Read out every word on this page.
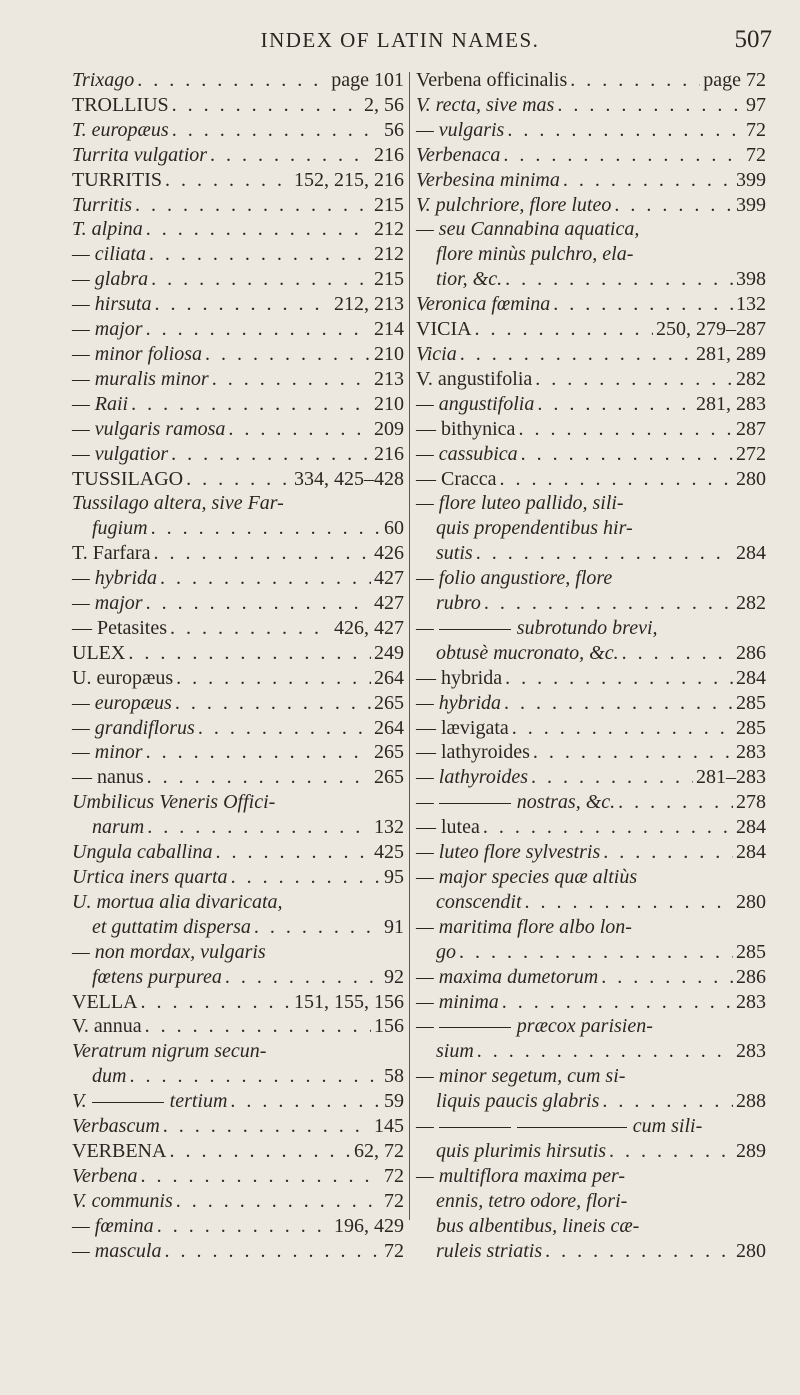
INDEX OF LATIN NAMES.	507
Trixago . . .	page 101
TROLLIUS . . .	2, 56
T. europæus . . .	56
Turrita vulgatior . . .	216
TURRITIS . . .	152, 215, 216
Turritis . . .	215
T. alpina . . .	212
— ciliata . . .	212
— glabra . . .	215
— hirsuta . . .	212, 213
— major . . .	214
— minor foliosa . . .	210
— muralis minor . . .	213
— Raii . . .	210
— vulgaris ramosa . . .	209
— vulgatior . . .	216
TUSSILAGO . . .	334, 425–428
Tussilago altera, sive Far-
fugium . . .	60
T. Farfara . . .	426
— hybrida . . .	427
— major . . .	427
— Petasites . . .	426, 427
ULEX . . .	249
U. europæus . . .	264
— europæus . . .	265
— grandiflorus . . .	264
— minor . . .	265
— nanus . . .	265
Umbilicus Veneris Offici-
narum . . .	132
Ungula caballina . . .	425
Urtica iners quarta . . .	95
U. mortua alia divaricata,
et guttatim dispersa . . .	91
— non mordax, vulgaris
fœtens purpurea . . .	92
VELLA . . .	151, 155, 156
V. annua . . .	156
Veratrum nigrum secun-
dum . . .	58
V.	tertium . . .	59
Verbascum . . .	145
VERBENA . . .	62, 72
Verbena . . .	72
V. communis . . .	72
— fœmina . . .	196, 429
— mascula . . .	72
Verbena officinalis . . .	page 72
V. recta, sive mas . . .	97
— vulgaris . . .	72
Verbenaca . . .	72
Verbesina minima . . .	399
V. pulchriore, flore luteo . . .	399
— seu Cannabina aquatica,
flore minùs pulchro, ela-
tior, &c. . . .	398
Veronica fœmina . . .	132
VICIA . . .	250, 279–287
Vicia . . .	281, 289
V. angustifolia . . .	282
— angustifolia . . .	281, 283
— bithynica . . .	287
— cassubica . . .	272
— Cracca . . .	280
— flore luteo pallido, sili-
quis propendentibus hir-
sutis . . .	284
— folio angustiore, flore
rubro . . .	282
—	subrotundo brevi,
obtusè mucronato, &c. . . .	286
— hybrida . . .	284
— hybrida . . .	285
— lævigata . . .	285
— lathyroides . . .	283
— lathyroides . . .	281–283
—	nostras, &c. . . .	278
— lutea . . .	284
— luteo flore sylvestris . . .	284
— major species quæ altiùs
conscendit . . .	280
— maritima flore albo lon-
go . . .	285
— maxima dumetorum . . .	286
— minima . . .	283
—	præcox parisien-
sium . . .	283
— minor segetum, cum si-
liquis paucis glabris . . .	288
—	cum sili-
quis plurimis hirsutis . . .	289
— multiflora maxima per-
ennis, tetro odore, flori-
bus albentibus, lineis cæ-
ruleis striatis . . .	280
